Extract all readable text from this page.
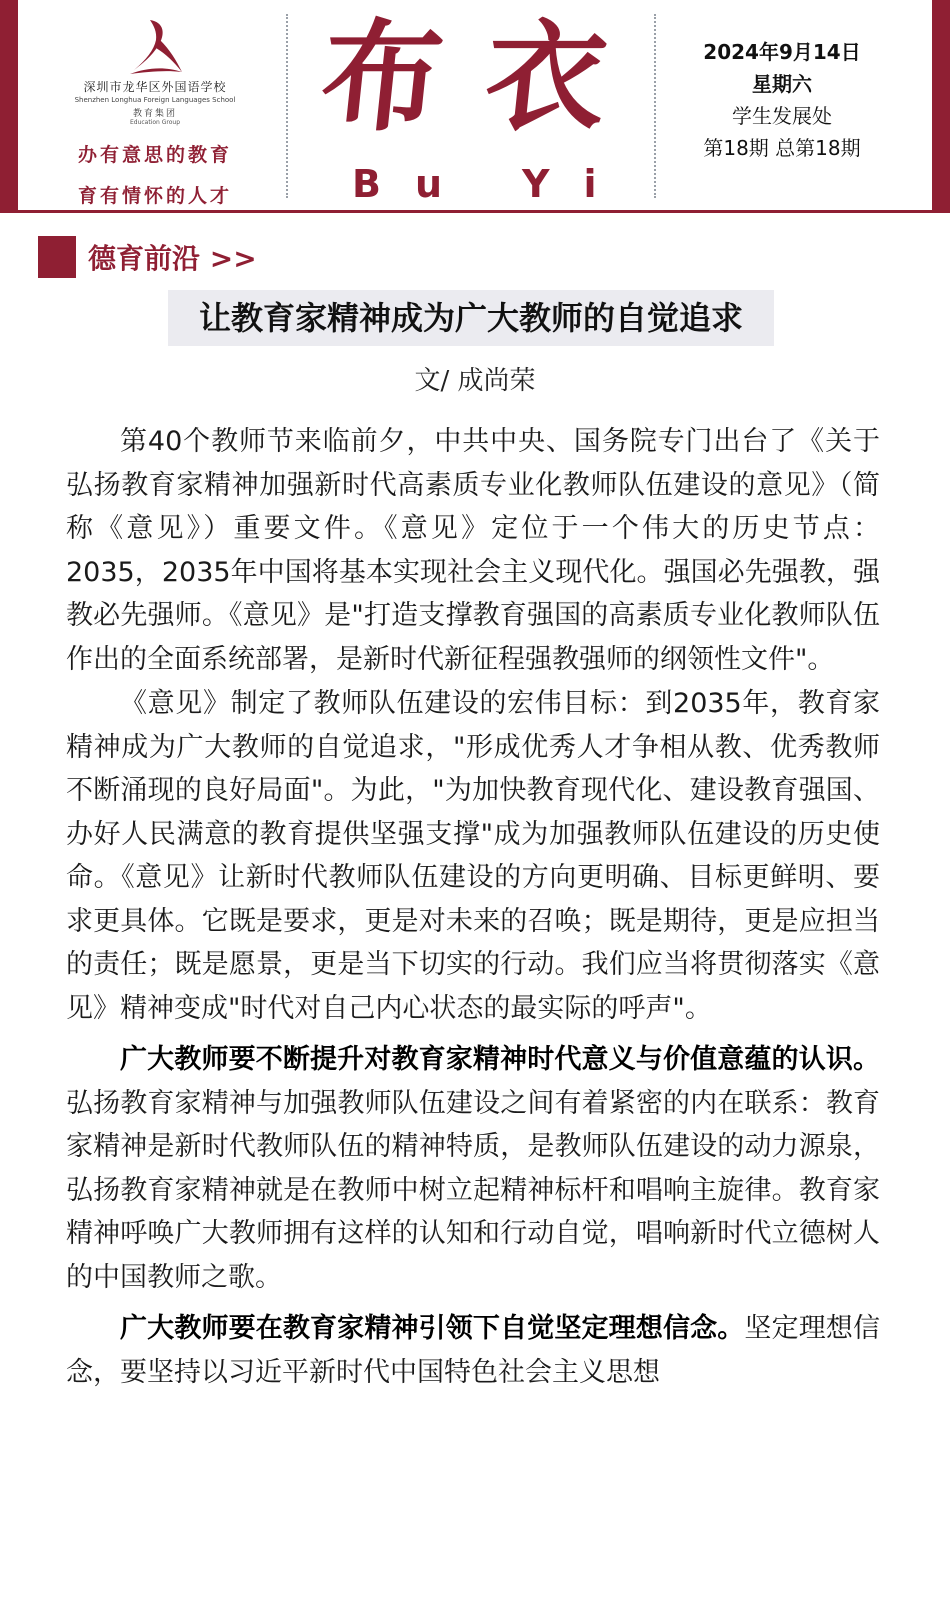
深圳市龙华区外国语学校
Shenzhen Longhua Foreign Languages School
教育集团
Education Group
办有意思的教育
育有情怀的人才
布 衣
Bu Yi
2024年9月14日
星期六
学生发展处
第18期 总第18期
德育前沿 >>
让教育家精神成为广大教师的自觉追求
文/ 成尚荣

第40个教师节来临前夕，中共中央、国务院专门出台了《关于弘扬教育家精神加强新时代高素质专业化教师队伍建设的意见》（简称《意见》）重要文件。《意见》定位于一个伟大的历史节点：2035，2035年中国将基本实现社会主义现代化。强国必先强教，强教必先强师。《意见》是"打造支撑教育强国的高素质专业化教师队伍作出的全面系统部署，是新时代新征程强教强师的纲领性文件"。

《意见》制定了教师队伍建设的宏伟目标：到2035年，教育家精神成为广大教师的自觉追求，"形成优秀人才争相从教、优秀教师不断涌现的良好局面"。为此，"为加快教育现代化、建设教育强国、办好人民满意的教育提供坚强支撑"成为加强教师队伍建设的历史使命。《意见》让新时代教师队伍建设的方向更明确、目标更鲜明、要求更具体。它既是要求，更是对未来的召唤；既是期待，更是应担当的责任；既是愿景，更是当下切实的行动。我们应当将贯彻落实《意见》精神变成"时代对自己内心状态的最实际的呼声"。

广大教师要不断提升对教育家精神时代意义与价值意蕴的认识。弘扬教育家精神与加强教师队伍建设之间有着紧密的内在联系：教育家精神是新时代教师队伍的精神特质，是教师队伍建设的动力源泉，弘扬教育家精神就是在教师中树立起精神标杆和唱响主旋律。教育家精神呼唤广大教师拥有这样的认知和行动自觉，唱响新时代立德树人的中国教师之歌。

广大教师要在教育家精神引领下自觉坚定理想信念。坚定理想信念，要坚持以习近平新时代中国特色社会主义思想
